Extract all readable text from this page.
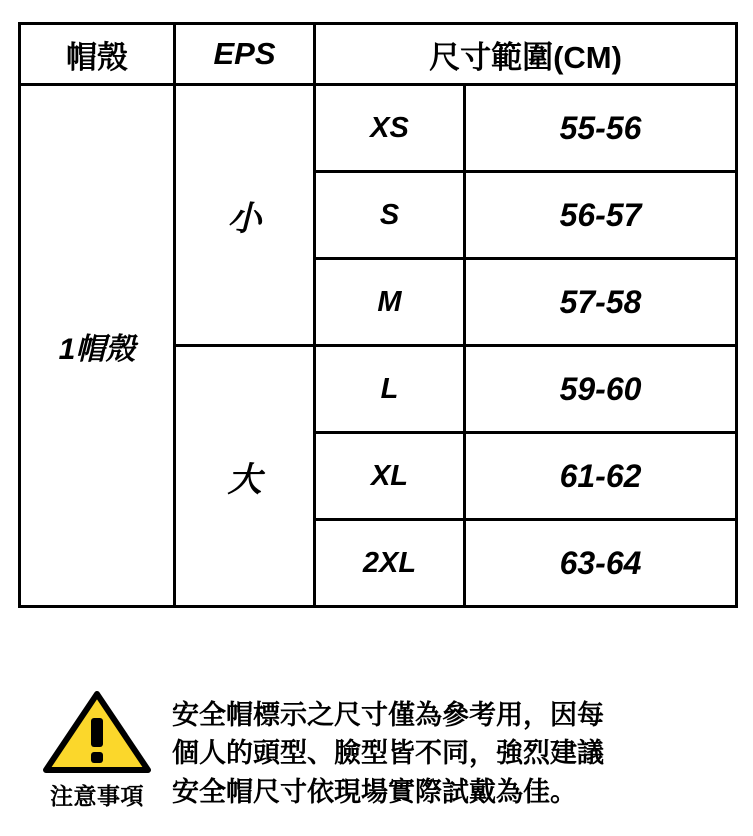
帽殼	EPS	尺寸範圍(CM)	
1帽殼	小	XS	55-56
		S	56-57
		M	57-58
	大	L	59-60
		XL	61-62
		2XL	63-64
注意事項
安全帽標示之尺寸僅為參考用，因每
個人的頭型、臉型皆不同，強烈建議
安全帽尺寸依現場實際試戴為佳。
